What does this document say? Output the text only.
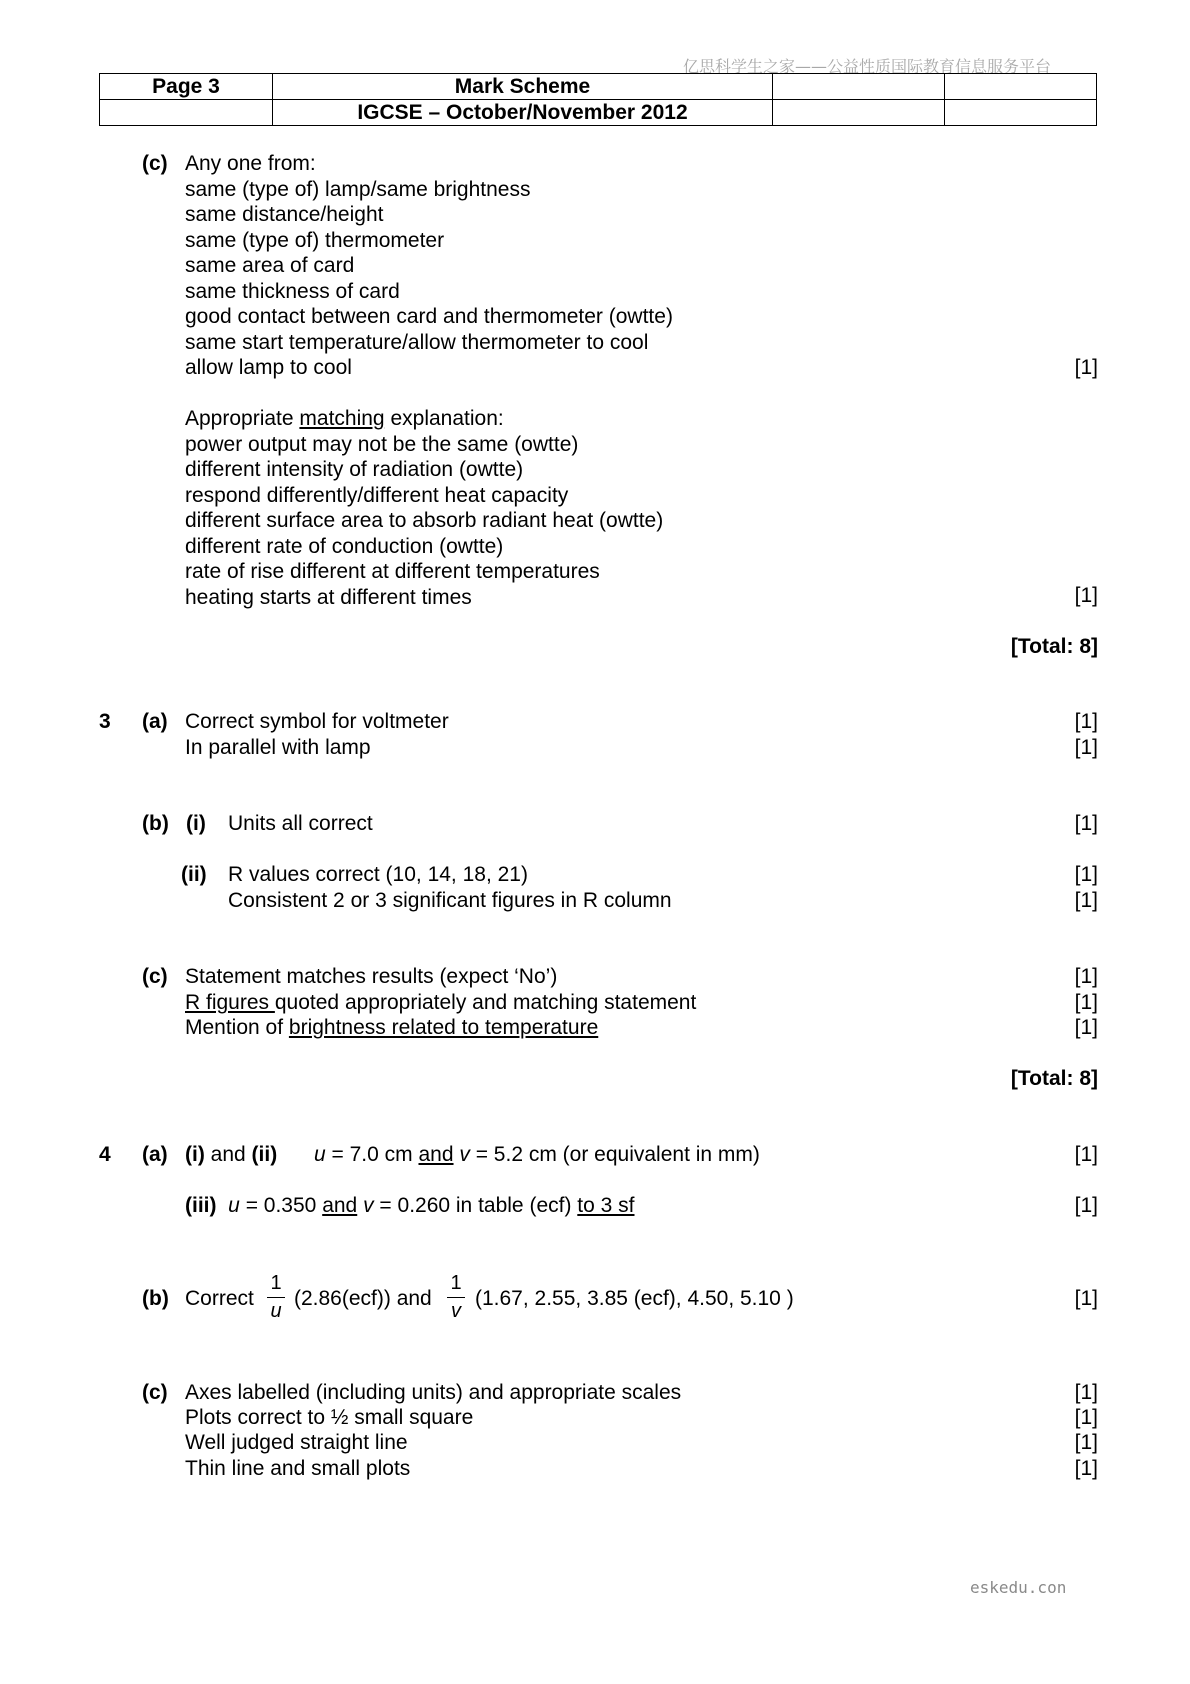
亿思科学生之家——公益性质国际教育信息服务平台
Page 3	Mark Scheme		
	IGCSE – October/November 2012		
(c) Any one from:
same (type of) lamp/same brightness
same distance/height
same (type of) thermometer
same area of card
same thickness of card
good contact between card and thermometer (owtte)
same start temperature/allow thermometer to cool
allow lamp to cool	[1]
Appropriate matching explanation:
power output may not be the same (owtte)
different intensity of radiation (owtte)
respond differently/different heat capacity
different surface area to absorb radiant heat (owtte)
different rate of conduction (owtte)
rate of rise different at different temperatures
heating starts at different times	[1]
[Total: 8]
3 (a) Correct symbol for voltmeter	[1]
In parallel with lamp	[1]
(b) (i) Units all correct	[1]
(ii) R values correct (10, 14, 18, 21)	[1]
Consistent 2 or 3 significant figures in R column	[1]
(c) Statement matches results (expect ‘No’)	[1]
R figures quoted appropriately and matching statement	[1]
Mention of brightness related to temperature	[1]
[Total: 8]
4 (a) (i) and (ii) u = 7.0 cm and v = 5.2 cm (or equivalent in mm)	[1]
(iii) u = 0.350 and v = 0.260 in table (ecf) to 3 sf	[1]
(b) Correct
1
u
(2.86(ecf)) and
1
v
(1.67, 2.55, 3.85 (ecf), 4.50, 5.10 )	[1]
(c) Axes labelled (including units) and appropriate scales	[1]
Plots correct to ½ small square	[1]
Well judged straight line	[1]
Thin line and small plots	[1]
eskedu.con
